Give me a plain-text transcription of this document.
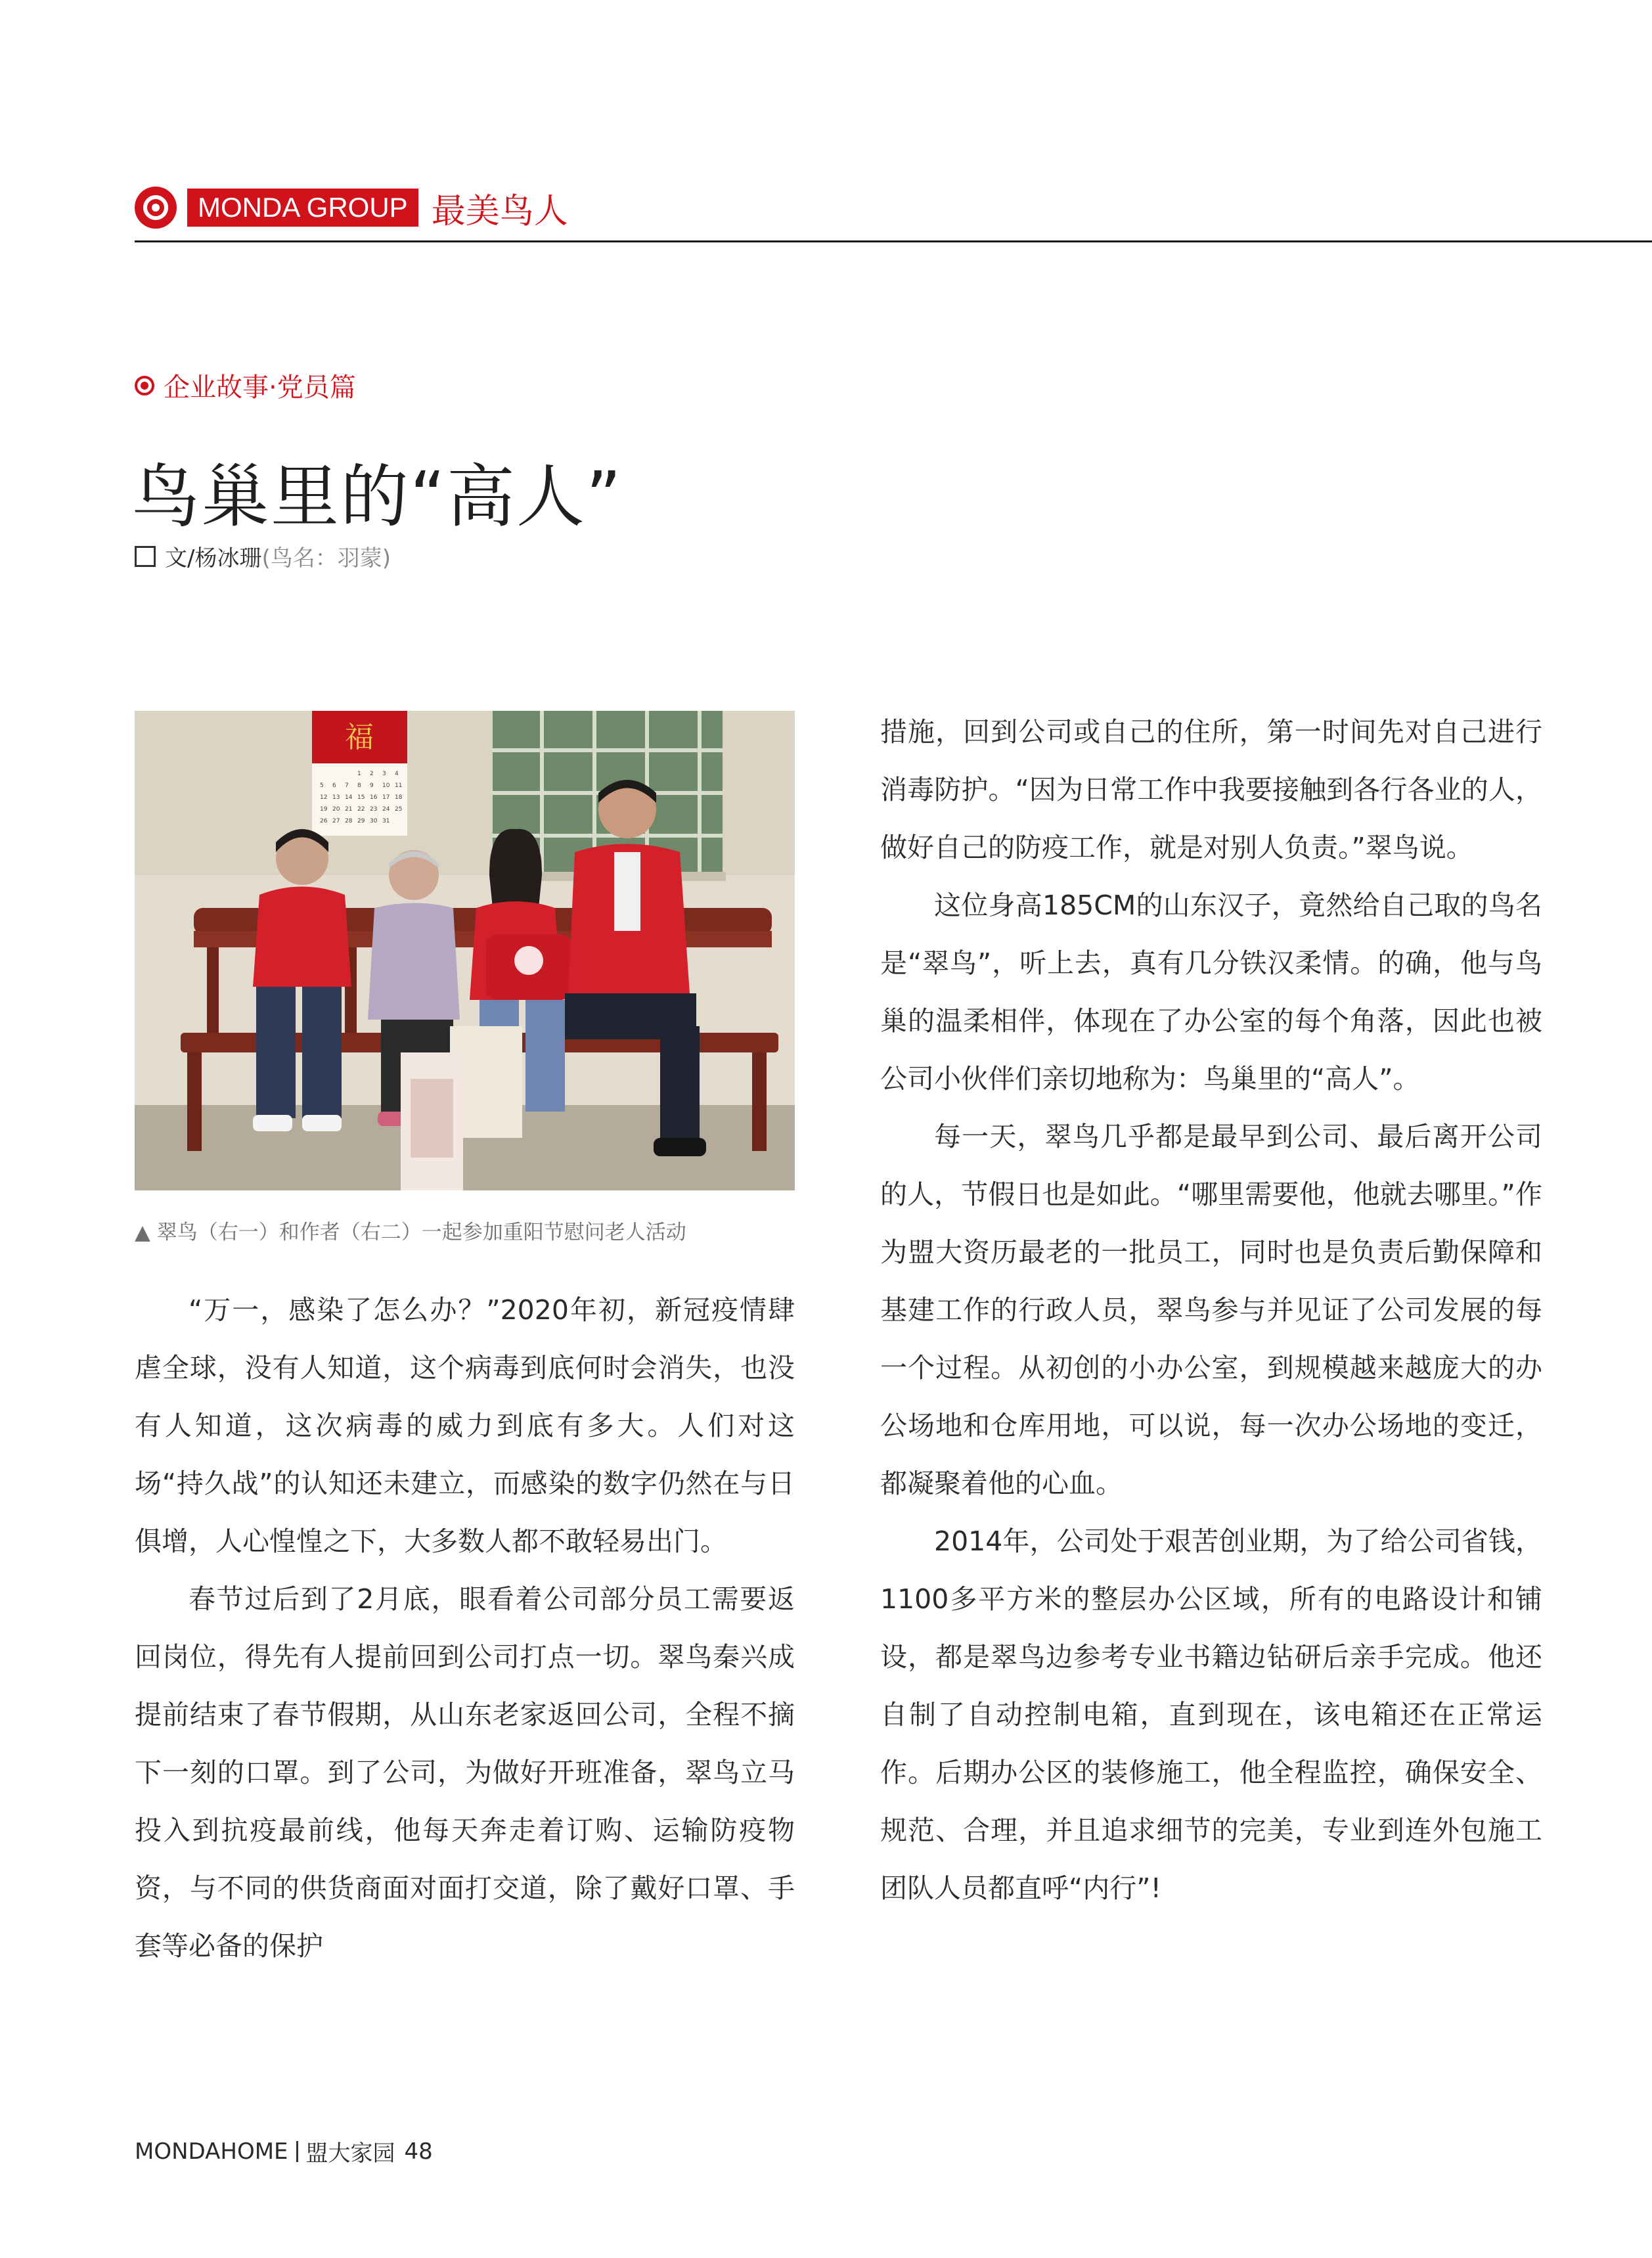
MONDA GROUP 最美鸟人
企业故事·党员篇
鸟巢里的“高人”
文/杨冰珊 (鸟名：羽蒙)
福
1 2 3 4
5 6 7 8 9 10 11
12 13 14 15 16 17 18
19 20 21 22 23 24 25
26 27 28 29 30 31
▲ 翠鸟（右一）和作者（右二）一起参加重阳节慰问老人活动

“万一，感染了怎么办？”2020年初，新冠疫情肆虐全球，没有人知道，这个病毒到底何时会消失，也没有人知道，这次病毒的威力到底有多大。人们对这场“持久战”的认知还未建立，而感染的数字仍然在与日俱增，人心惶惶之下，大多数人都不敢轻易出门。

春节过后到了2月底，眼看着公司部分员工需要返回岗位，得先有人提前回到公司打点一切。翠鸟秦兴成提前结束了春节假期，从山东老家返回公司，全程不摘下一刻的口罩。到了公司，为做好开班准备，翠鸟立马投入到抗疫最前线，他每天奔走着订购、运输防疫物资，与不同的供货商面对面打交道，除了戴好口罩、手套等必备的保护

措施，回到公司或自己的住所，第一时间先对自己进行消毒防护。“因为日常工作中我要接触到各行各业的人，做好自己的防疫工作，就是对别人负责。”翠鸟说。

这位身高185CM的山东汉子，竟然给自己取的鸟名是“翠鸟”，听上去，真有几分铁汉柔情。的确，他与鸟巢的温柔相伴，体现在了办公室的每个角落，因此也被公司小伙伴们亲切地称为：鸟巢里的“高人”。

每一天，翠鸟几乎都是最早到公司、最后离开公司的人，节假日也是如此。“哪里需要他，他就去哪里。”作为盟大资历最老的一批员工，同时也是负责后勤保障和基建工作的行政人员，翠鸟参与并见证了公司发展的每一个过程。从初创的小办公室，到规模越来越庞大的办公场地和仓库用地，可以说，每一次办公场地的变迁，都凝聚着他的心血。

2014年，公司处于艰苦创业期，为了给公司省钱，1100多平方米的整层办公区域，所有的电路设计和铺设，都是翠鸟边参考专业书籍边钻研后亲手完成。他还自制了自动控制电箱，直到现在，该电箱还在正常运作。后期办公区的装修施工，他全程监控，确保安全、规范、合理，并且追求细节的完美，专业到连外包施工团队人员都直呼“内行”!

MONDAHOME 盟大家园 48
